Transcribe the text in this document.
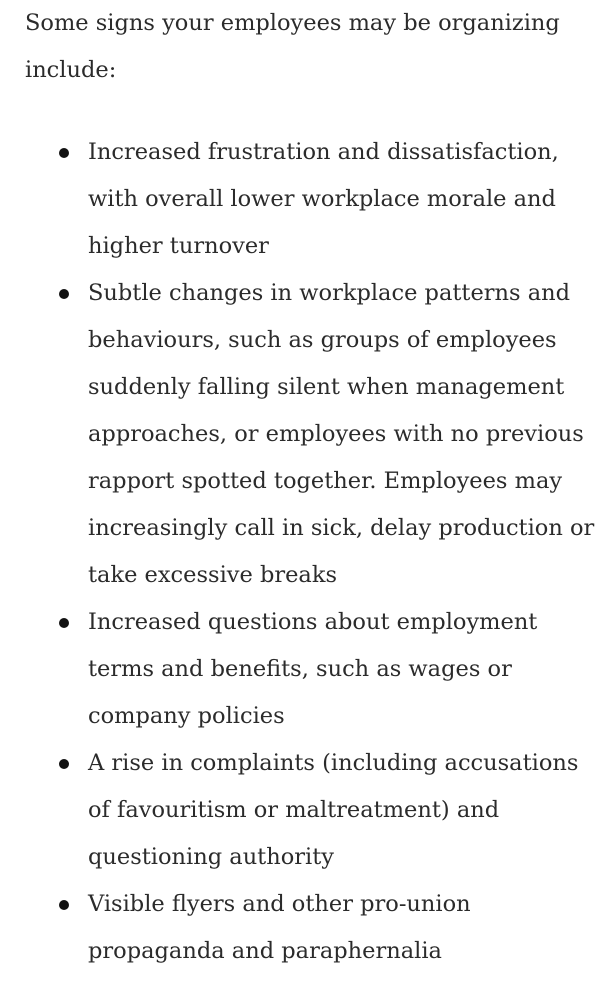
Some signs your employees may be organizing include:

Increased frustration and dissatisfaction, with overall lower workplace morale and higher turnover
Subtle changes in workplace patterns and behaviours, such as groups of employees suddenly falling silent when management approaches, or employees with no previous rapport spotted together. Employees may increasingly call in sick, delay production or take excessive breaks
Increased questions about employment terms and benefits, such as wages or company policies
A rise in complaints (including accusations of favouritism or maltreatment) and questioning authority
Visible flyers and other pro-union propaganda and paraphernalia
